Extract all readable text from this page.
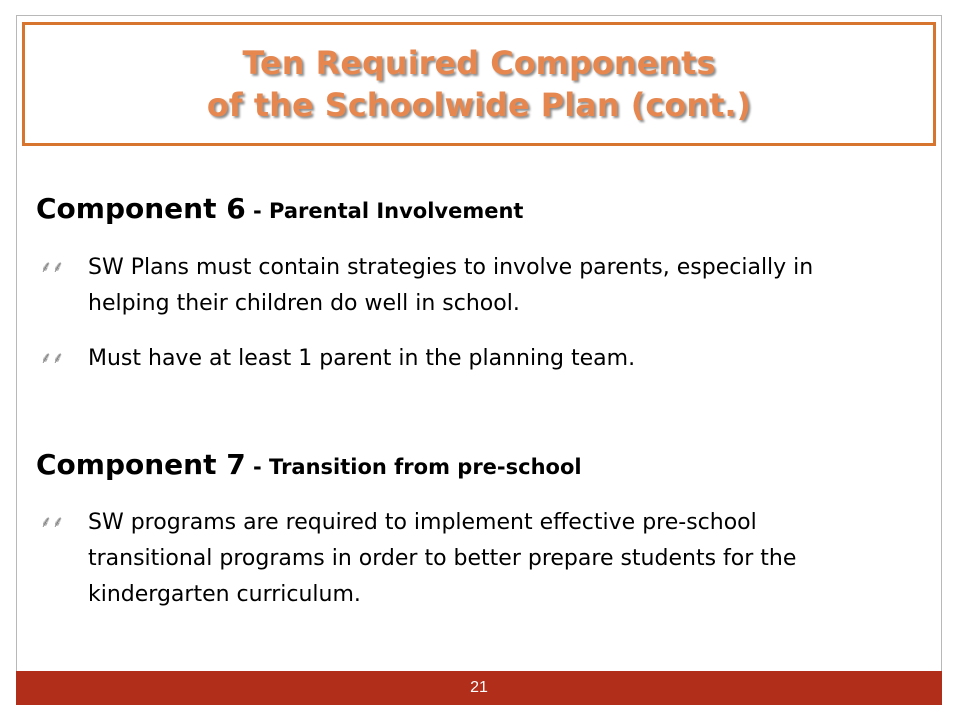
Ten Required Components
of the Schoolwide Plan (cont.)
Component 6 - Parental Involvement
⸙⸙	SW Plans must contain strategies to involve parents, especially in helping their children do well in school.
⸙⸙	Must have at least 1 parent in the planning team.
Component 7 - Transition from pre-school
⸙⸙	SW programs are required to implement effective pre-school transitional programs in order to better prepare students for the kindergarten curriculum.
21
